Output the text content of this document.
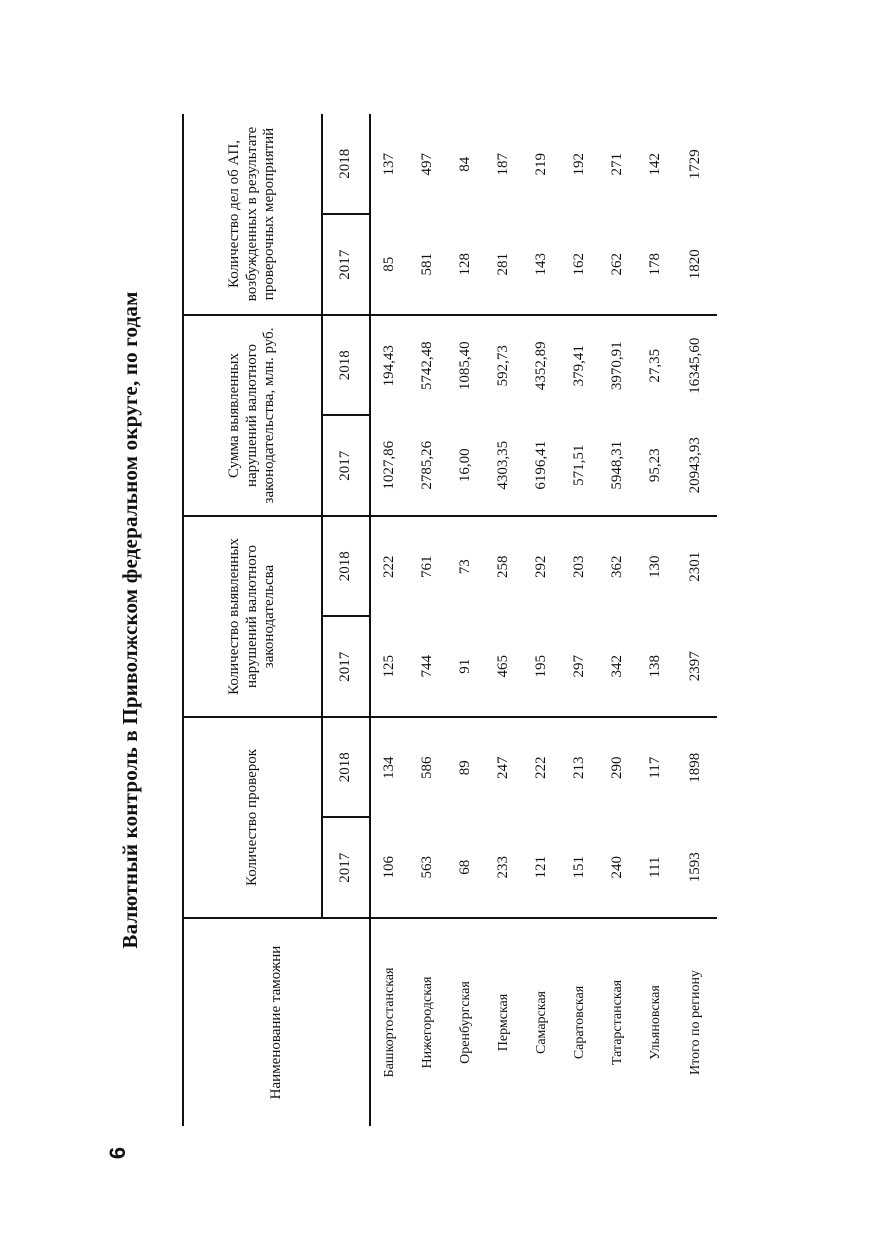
6
Валютный контроль в Приволжском федеральном округе, по годам
Наименование таможни	Количество проверок		Количество выявленных нарушений валютного законодательсва		Сумма выявленных нарушений валютного законодательства, млн. руб.		Количество дел об АП, возбужденных в результате проверочных мероприятий	

	2017	2018	2017	2018	2017	2018	2017	2018
Башкортостанская	106	134	125	222	1027,86	194,43	85	137
Нижегородская	563	586	744	761	2785,26	5742,48	581	497
Оренбургская	68	89	91	73	16,00	1085,40	128	84
Пермская	233	247	465	258	4303,35	592,73	281	187
Самарская	121	222	195	292	6196,41	4352,89	143	219
Саратовская	151	213	297	203	571,51	379,41	162	192
Татарстанская	240	290	342	362	5948,31	3970,91	262	271
Ульяновская	111	117	138	130	95,23	27,35	178	142
Итого по региону	1593	1898	2397	2301	20943,93	16345,60	1820	1729
